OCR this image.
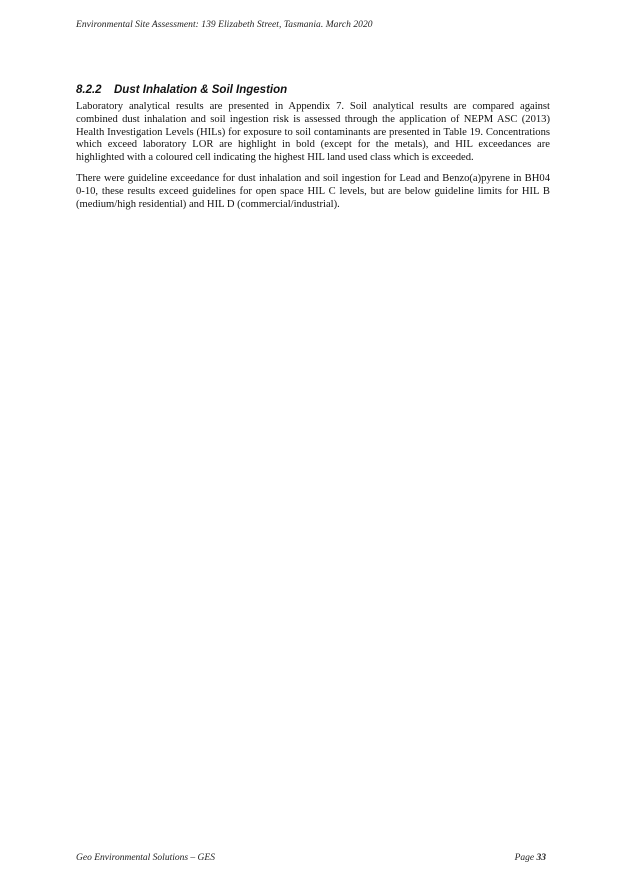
Environmental Site Assessment: 139 Elizabeth Street, Tasmania. March 2020
8.2.2 Dust Inhalation & Soil Ingestion

Laboratory analytical results are presented in Appendix 7. Soil analytical results are compared against combined dust inhalation and soil ingestion risk is assessed through the application of NEPM ASC (2013) Health Investigation Levels (HILs) for exposure to soil contaminants are presented in Table 19. Concentrations which exceed laboratory LOR are highlight in bold (except for the metals), and HIL exceedances are highlighted with a coloured cell indicating the highest HIL land used class which is exceeded.

There were guideline exceedance for dust inhalation and soil ingestion for Lead and Benzo(a)pyrene in BH04 0-10, these results exceed guidelines for open space HIL C levels, but are below guideline limits for HIL B (medium/high residential) and HIL D (commercial/industrial).

Geo Environmental Solutions – GES	Page 33
